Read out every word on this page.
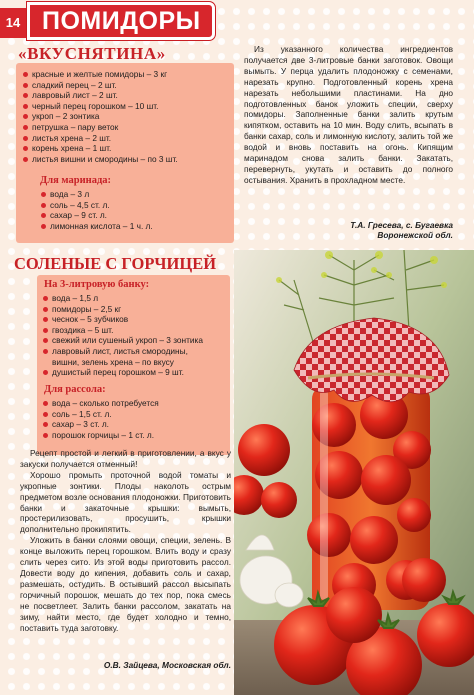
14 ПОМИДОРЫ
«ВКУСНЯТИНА»
красные и желтые помидоры – 3 кг
сладкий перец – 2 шт.
лавровый лист – 2 шт.
черный перец горошком – 10 шт.
укроп – 2 зонтика
петрушка – пару веток
листья хрена – 2 шт.
корень хрена – 1 шт.
листья вишни и смородины – по 3 шт.
Для маринада:
вода – 3 л
соль – 4,5 ст. л.
сахар – 9 ст. л.
лимонная кислота – 1 ч. л.

Из указанного количества ингредиентов получается две 3-литровые банки заготовок. Овощи вымыть. У перца удалить плодоножку с семенами, нарезать крупно. Подготовленный корень хрена нарезать небольшими пластинами. На дно подготовленных банок уложить специи, сверху помидоры. Заполненные банки залить крутым кипятком, оставить на 10 мин. Воду слить, всыпать в банки сахар, соль и лимонную кислоту, залить той же водой и вновь поставить на огонь. Кипящим маринадом снова залить банки. Закатать, перевернуть, укутать и оставить до полного остывания. Хранить в прохладном месте.

Т.А. Гресева, с. Бугаевка
Воронежской обл.
СОЛЕНЫЕ С ГОРЧИЦЕЙ
На 3-литровую банку:
вода – 1,5 л
помидоры – 2,5 кг
чеснок – 5 зубчиков
гвоздика – 5 шт.
свежий или сушеный укроп – 3 зонтика
лавровый лист, листья смородины,
вишни, зелень хрена – по вкусу
душистый перец горошком – 9 шт.
Для рассола:
вода – сколько потребуется
соль – 1,5 ст. л.
сахар – 3 ст. л.
порошок горчицы – 1 ст. л.

Рецепт простой и легкий в приготовлении, а вкус у закуски получается отменный!

Хорошо промыть проточной водой томаты и укропные зонтики. Плоды наколоть острым предметом возле основания плодоножки. Приготовить банки и закаточные крышки: вымыть, простерилизовать, просушить, крышки дополнительно прокипятить.

Уложить в банки слоями овощи, специи, зелень. В конце выложить перец горошком. Влить воду и сразу слить через сито. Из этой воды приготовить рассол. Довести воду до кипения, добавить соль и сахар, размешать, остудить. В остывший рассол высыпать горчичный порошок, мешать до тех пор, пока смесь не посветлеет. Залить банки рассолом, закатать на зиму, найти место, где будет холодно и темно, поставить туда заготовку.

О.В. Зайцева, Московская обл.
